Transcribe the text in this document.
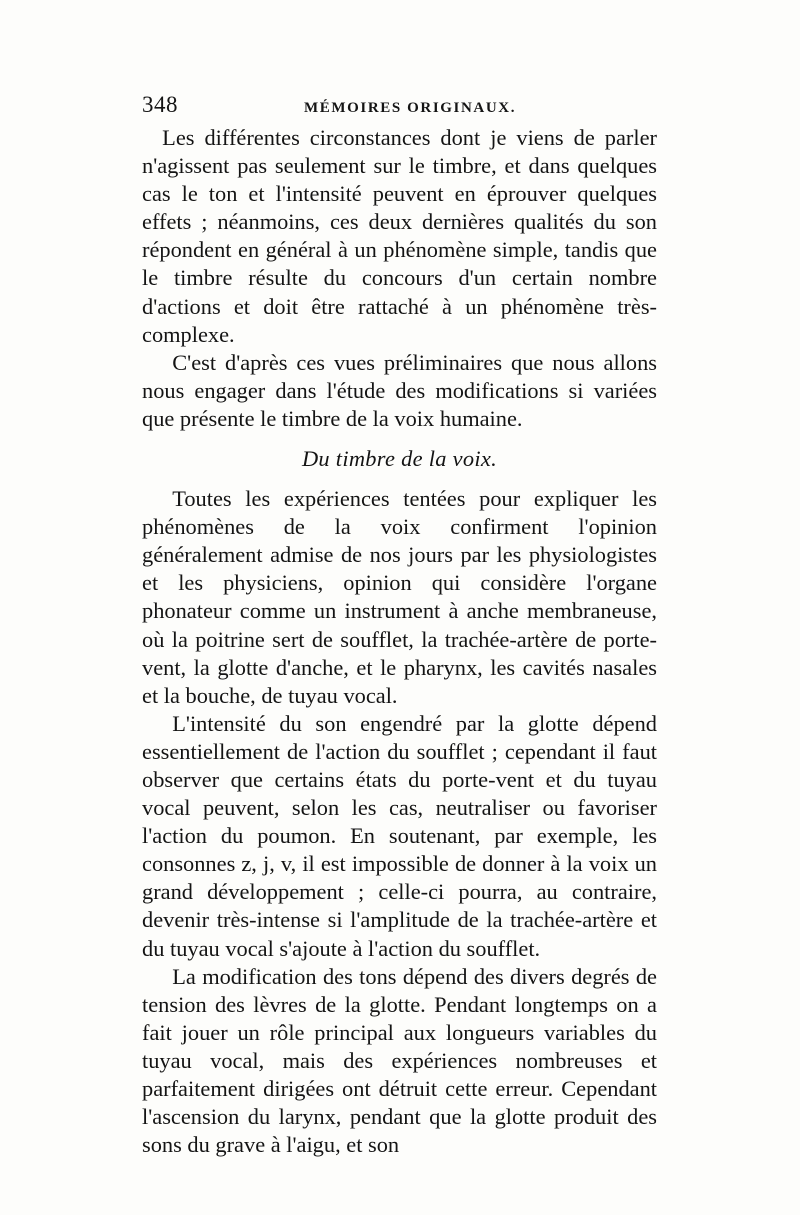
348	MÉMOIRES ORIGINAUX.

Les différentes circonstances dont je viens de parler n'agissent pas seulement sur le timbre, et dans quelques cas le ton et l'intensité peuvent en éprouver quelques effets ; néanmoins, ces deux dernières qualités du son répondent en général à un phénomène simple, tandis que le timbre résulte du concours d'un certain nombre d'actions et doit être rattaché à un phénomène très-complexe.

C'est d'après ces vues préliminaires que nous allons nous engager dans l'étude des modifications si variées que présente le timbre de la voix humaine.

Du timbre de la voix.

Toutes les expériences tentées pour expliquer les phénomènes de la voix confirment l'opinion généralement admise de nos jours par les physiologistes et les physiciens, opinion qui considère l'organe phonateur comme un instrument à anche membraneuse, où la poitrine sert de soufflet, la trachée-artère de porte-vent, la glotte d'anche, et le pharynx, les cavités nasales et la bouche, de tuyau vocal.

L'intensité du son engendré par la glotte dépend essentiellement de l'action du soufflet ; cependant il faut observer que certains états du porte-vent et du tuyau vocal peuvent, selon les cas, neutraliser ou favoriser l'action du poumon. En soutenant, par exemple, les consonnes z, j, v, il est impossible de donner à la voix un grand développement ; celle-ci pourra, au contraire, devenir très-intense si l'amplitude de la trachée-artère et du tuyau vocal s'ajoute à l'action du soufflet.

La modification des tons dépend des divers degrés de tension des lèvres de la glotte. Pendant longtemps on a fait jouer un rôle principal aux longueurs variables du tuyau vocal, mais des expériences nombreuses et parfaitement dirigées ont détruit cette erreur. Cependant l'ascension du larynx, pendant que la glotte produit des sons du grave à l'aigu, et son
